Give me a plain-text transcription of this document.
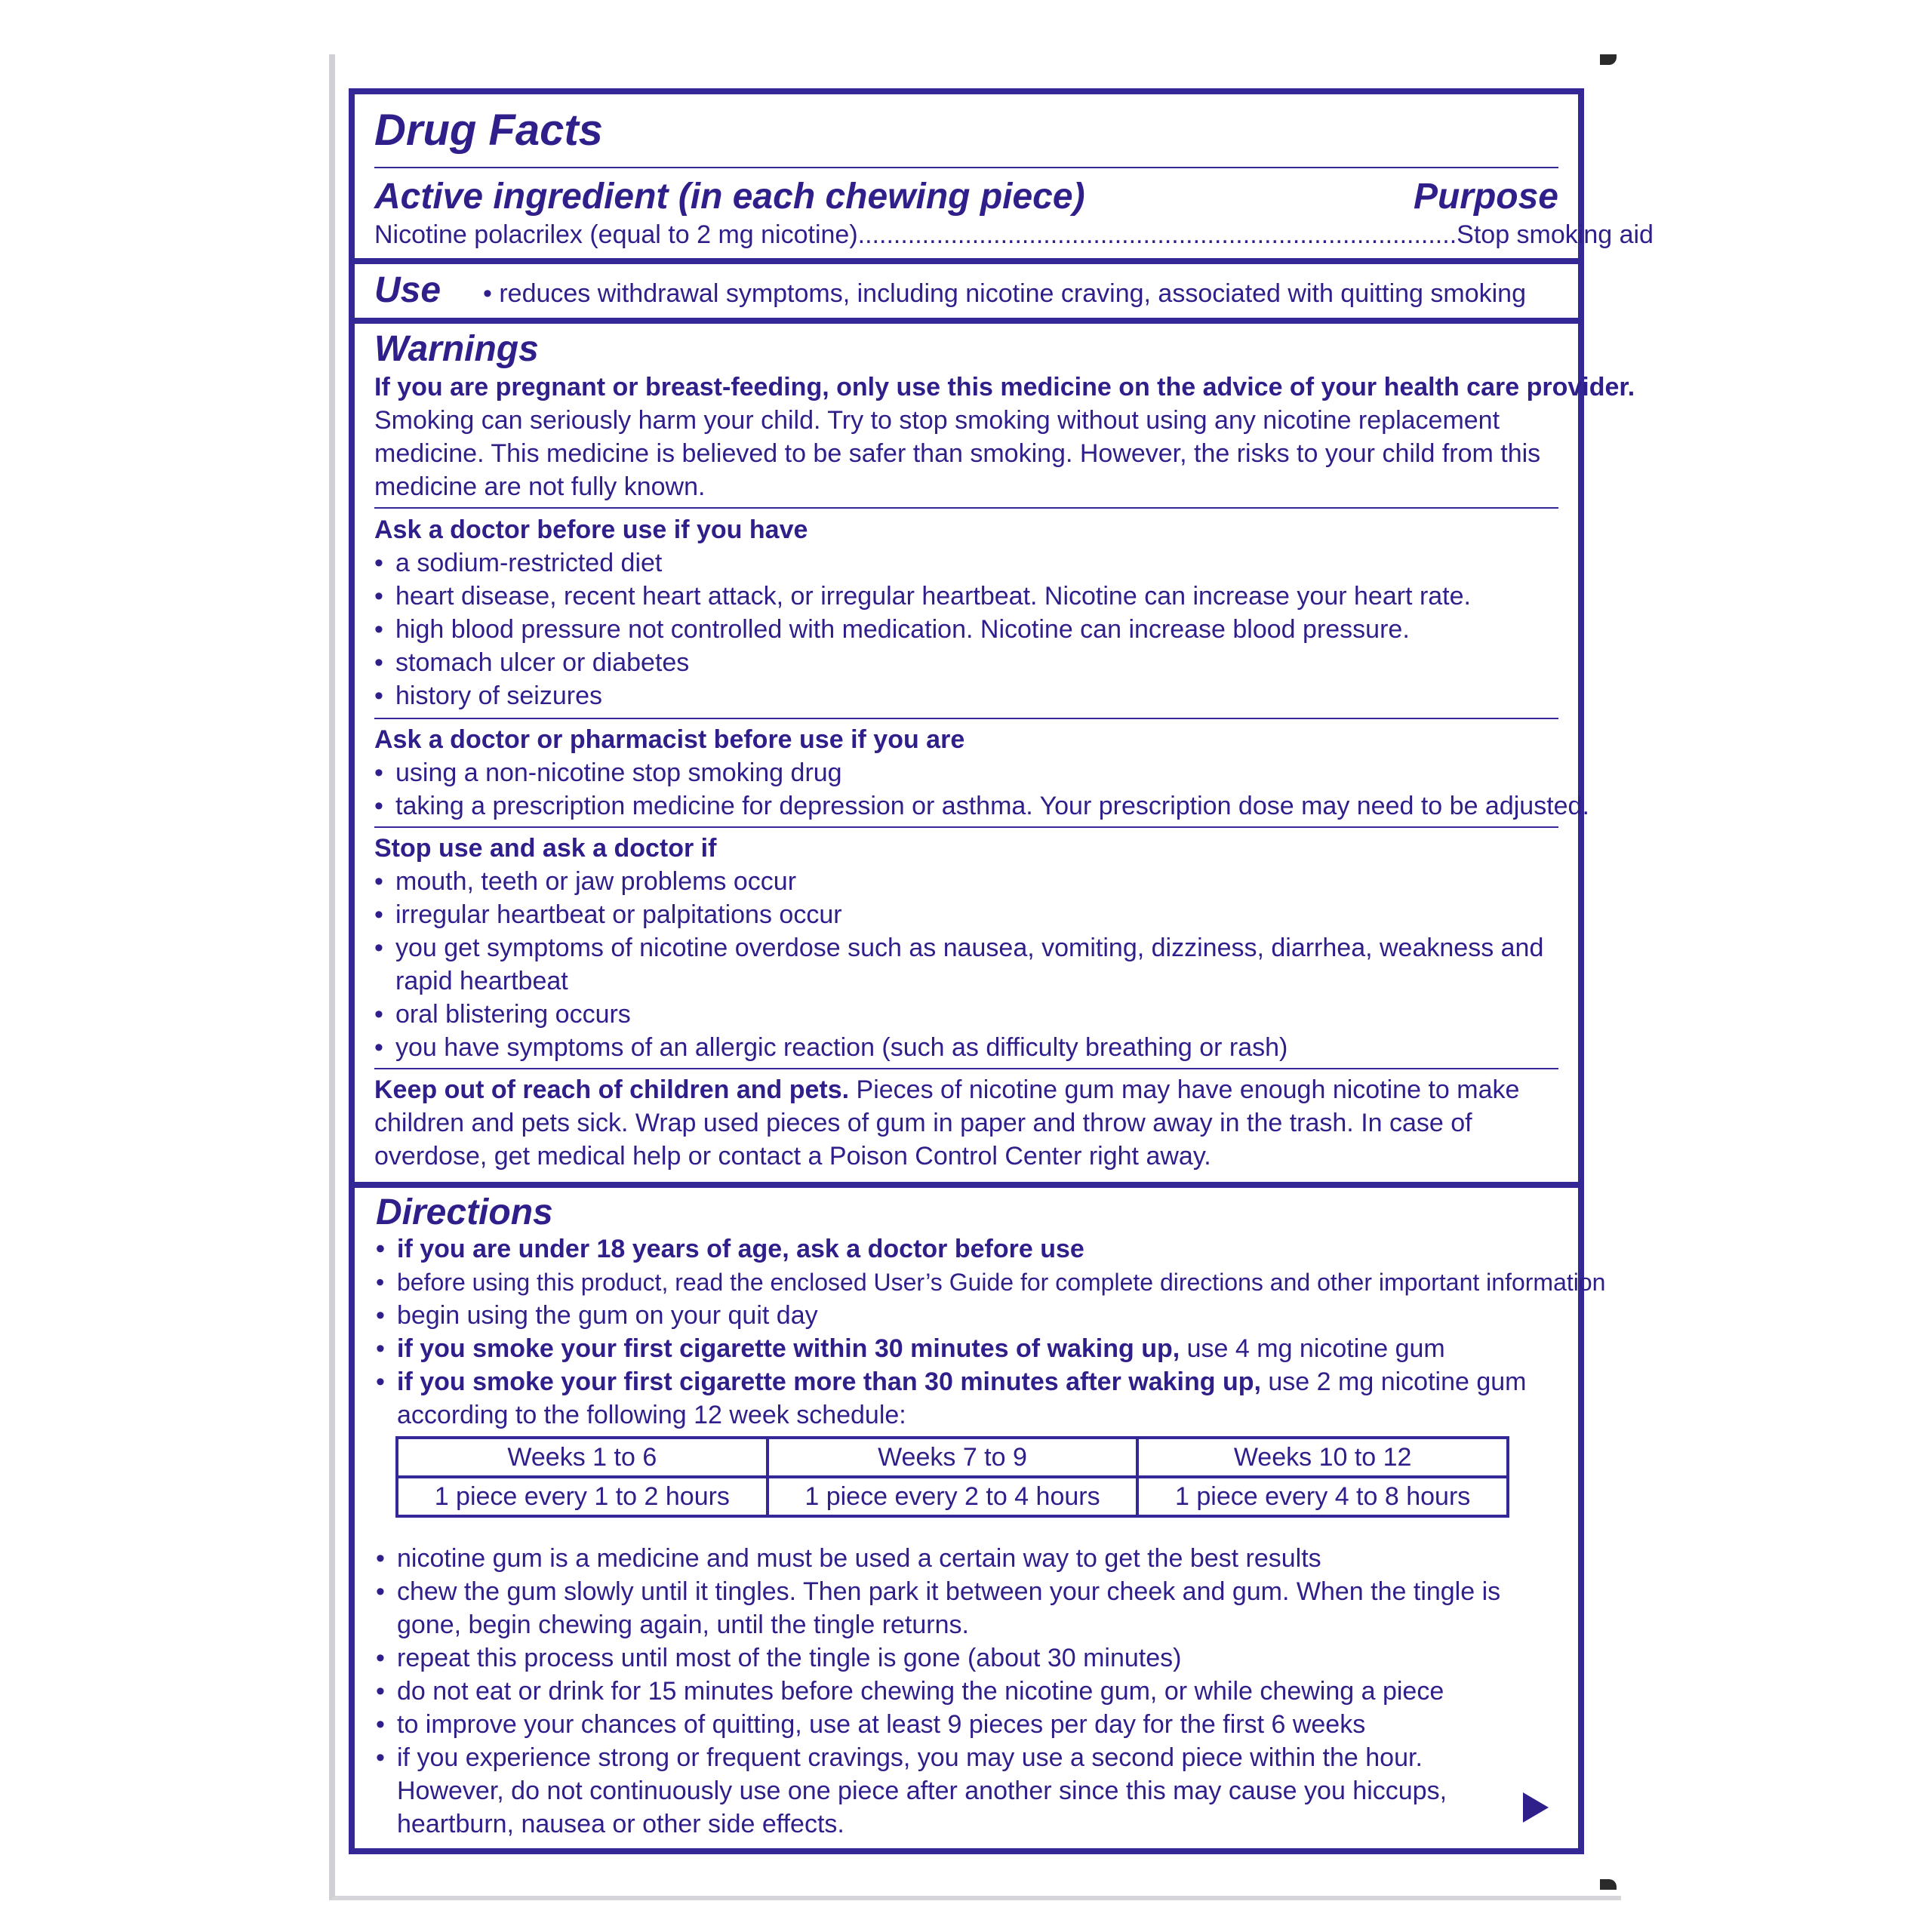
Drug Facts
Active ingredient (in each chewing piece)	Purpose
Nicotine polacrilex (equal to 2 mg nicotine) .................................................................................... Stop smoking aid
Use • reduces withdrawal symptoms, including nicotine craving, associated with quitting smoking
Warnings
If you are pregnant or breast-feeding, only use this medicine on the advice of your health care provider.
Smoking can seriously harm your child. Try to stop smoking without using any nicotine replacement
medicine. This medicine is believed to be safer than smoking. However, the risks to your child from this
medicine are not fully known.
Ask a doctor before use if you have
• a sodium-restricted diet
• heart disease, recent heart attack, or irregular heartbeat. Nicotine can increase your heart rate.
• high blood pressure not controlled with medication. Nicotine can increase blood pressure.
• stomach ulcer or diabetes
• history of seizures
Ask a doctor or pharmacist before use if you are
• using a non-nicotine stop smoking drug
• taking a prescription medicine for depression or asthma. Your prescription dose may need to be adjusted.
Stop use and ask a doctor if
• mouth, teeth or jaw problems occur
• irregular heartbeat or palpitations occur
• you get symptoms of nicotine overdose such as nausea, vomiting, dizziness, diarrhea, weakness and
rapid heartbeat
• oral blistering occurs
• you have symptoms of an allergic reaction (such as difficulty breathing or rash)
Keep out of reach of children and pets. Pieces of nicotine gum may have enough nicotine to make
children and pets sick. Wrap used pieces of gum in paper and throw away in the trash. In case of
overdose, get medical help or contact a Poison Control Center right away.
Directions
• if you are under 18 years of age, ask a doctor before use
• before using this product, read the enclosed User’s Guide for complete directions and other important information
• begin using the gum on your quit day
• if you smoke your first cigarette within 30 minutes of waking up, use 4 mg nicotine gum
• if you smoke your first cigarette more than 30 minutes after waking up, use 2 mg nicotine gum
according to the following 12 week schedule:
Weeks 1 to 6	Weeks 7 to 9	Weeks 10 to 12
1 piece every 1 to 2 hours	1 piece every 2 to 4 hours	1 piece every 4 to 8 hours
• nicotine gum is a medicine and must be used a certain way to get the best results
• chew the gum slowly until it tingles. Then park it between your cheek and gum. When the tingle is
gone, begin chewing again, until the tingle returns.
• repeat this process until most of the tingle is gone (about 30 minutes)
• do not eat or drink for 15 minutes before chewing the nicotine gum, or while chewing a piece
• to improve your chances of quitting, use at least 9 pieces per day for the first 6 weeks
• if you experience strong or frequent cravings, you may use a second piece within the hour.
However, do not continuously use one piece after another since this may cause you hiccups,
heartburn, nausea or other side effects.
